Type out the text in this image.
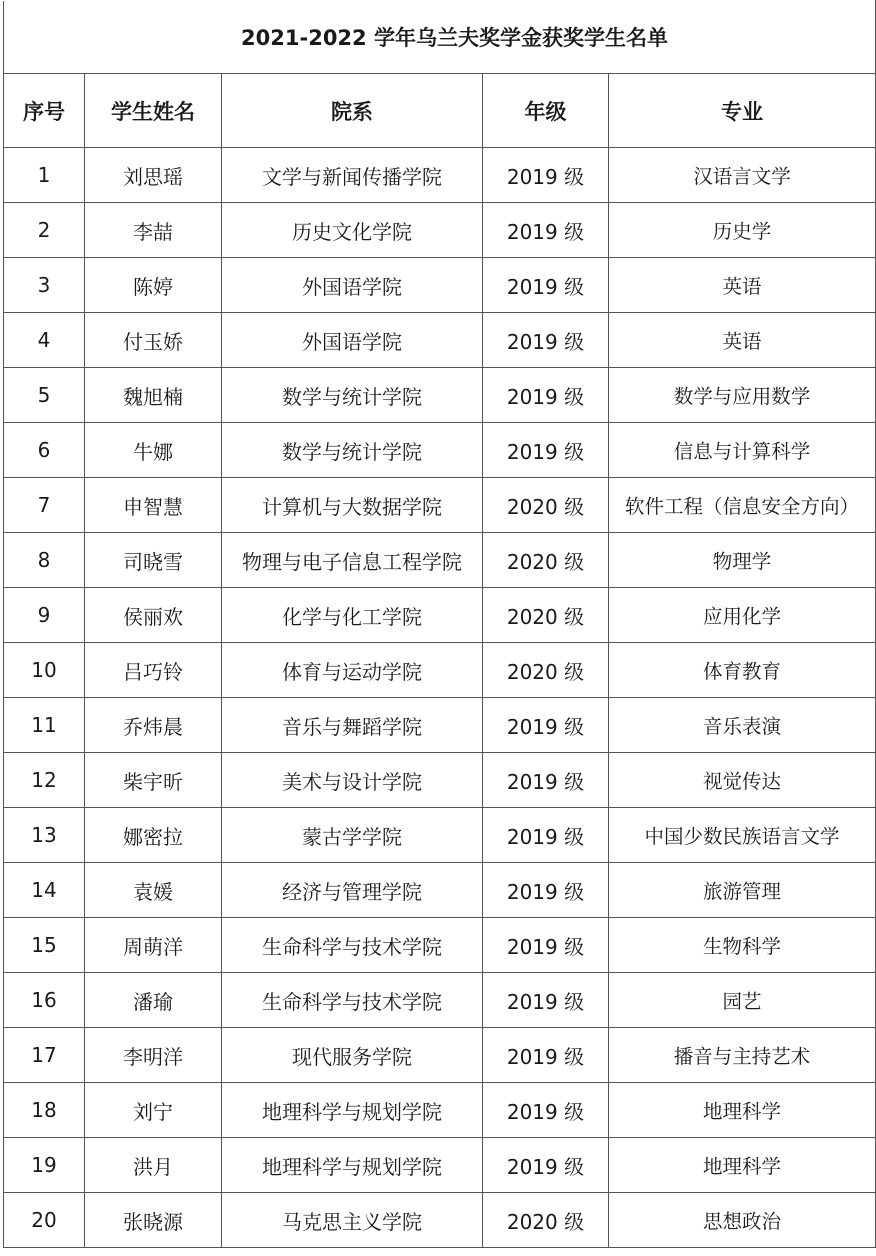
2021-2022 学年乌兰夫奖学金获奖学生名单				
序号	学生姓名	院系	年级	专业
1	刘思瑶	文学与新闻传播学院	2019 级	汉语言文学
2	李喆	历史文化学院	2019 级	历史学
3	陈婷	外国语学院	2019 级	英语
4	付玉娇	外国语学院	2019 级	英语
5	魏旭楠	数学与统计学院	2019 级	数学与应用数学
6	牛娜	数学与统计学院	2019 级	信息与计算科学
7	申智慧	计算机与大数据学院	2020 级	软件工程（信息安全方向）
8	司晓雪	物理与电子信息工程学院	2020 级	物理学
9	侯丽欢	化学与化工学院	2020 级	应用化学
10	吕巧铃	体育与运动学院	2020 级	体育教育
11	乔炜晨	音乐与舞蹈学院	2019 级	音乐表演
12	柴宇昕	美术与设计学院	2019 级	视觉传达
13	娜密拉	蒙古学学院	2019 级	中国少数民族语言文学
14	袁媛	经济与管理学院	2019 级	旅游管理
15	周萌洋	生命科学与技术学院	2019 级	生物科学
16	潘瑜	生命科学与技术学院	2019 级	园艺
17	李明洋	现代服务学院	2019 级	播音与主持艺术
18	刘宁	地理科学与规划学院	2019 级	地理科学
19	洪月	地理科学与规划学院	2019 级	地理科学
20	张晓源	马克思主义学院	2020 级	思想政治
